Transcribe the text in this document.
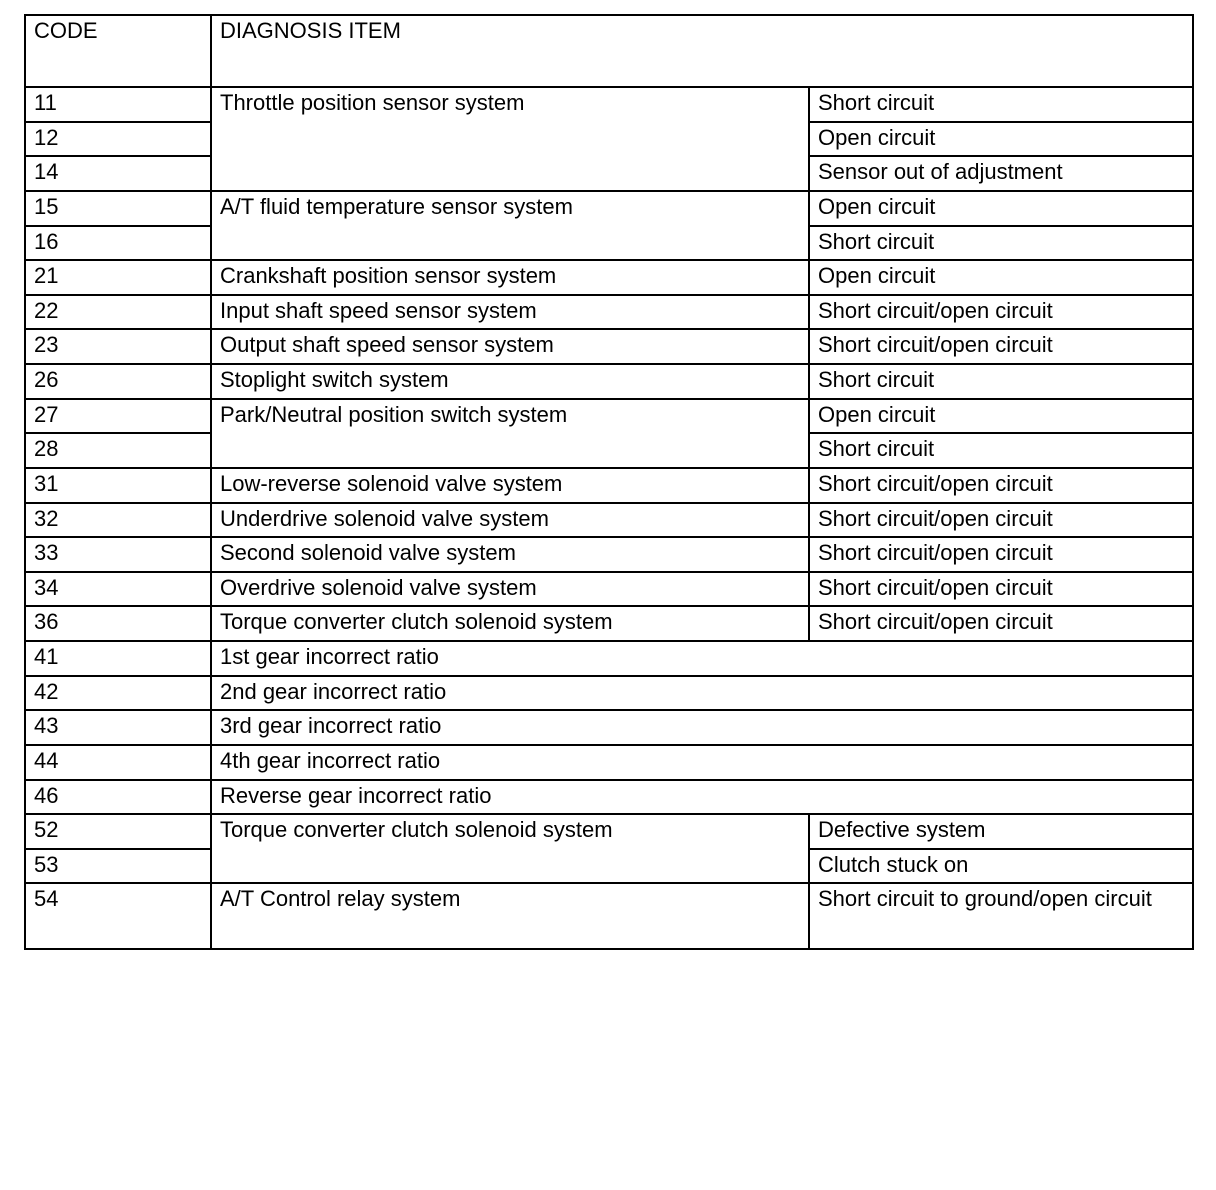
CODE	DIAGNOSIS ITEM	
11	Throttle position sensor system	Short circuit
12		Open circuit
14		Sensor out of adjustment
15	A/T fluid temperature sensor system	Open circuit
16		Short circuit
21	Crankshaft position sensor system	Open circuit
22	Input shaft speed sensor system	Short circuit/open circuit
23	Output shaft speed sensor system	Short circuit/open circuit
26	Stoplight switch system	Short circuit
27	Park/Neutral position switch system	Open circuit
28		Short circuit
31	Low-reverse solenoid valve system	Short circuit/open circuit
32	Underdrive solenoid valve system	Short circuit/open circuit
33	Second solenoid valve system	Short circuit/open circuit
34	Overdrive solenoid valve system	Short circuit/open circuit
36	Torque converter clutch solenoid system	Short circuit/open circuit
41	1st gear incorrect ratio	
42	2nd gear incorrect ratio	
43	3rd gear incorrect ratio	
44	4th gear incorrect ratio	
46	Reverse gear incorrect ratio	
52	Torque converter clutch solenoid system	Defective system
53		Clutch stuck on
54	A/T Control relay system	Short circuit to ground/open circuit
